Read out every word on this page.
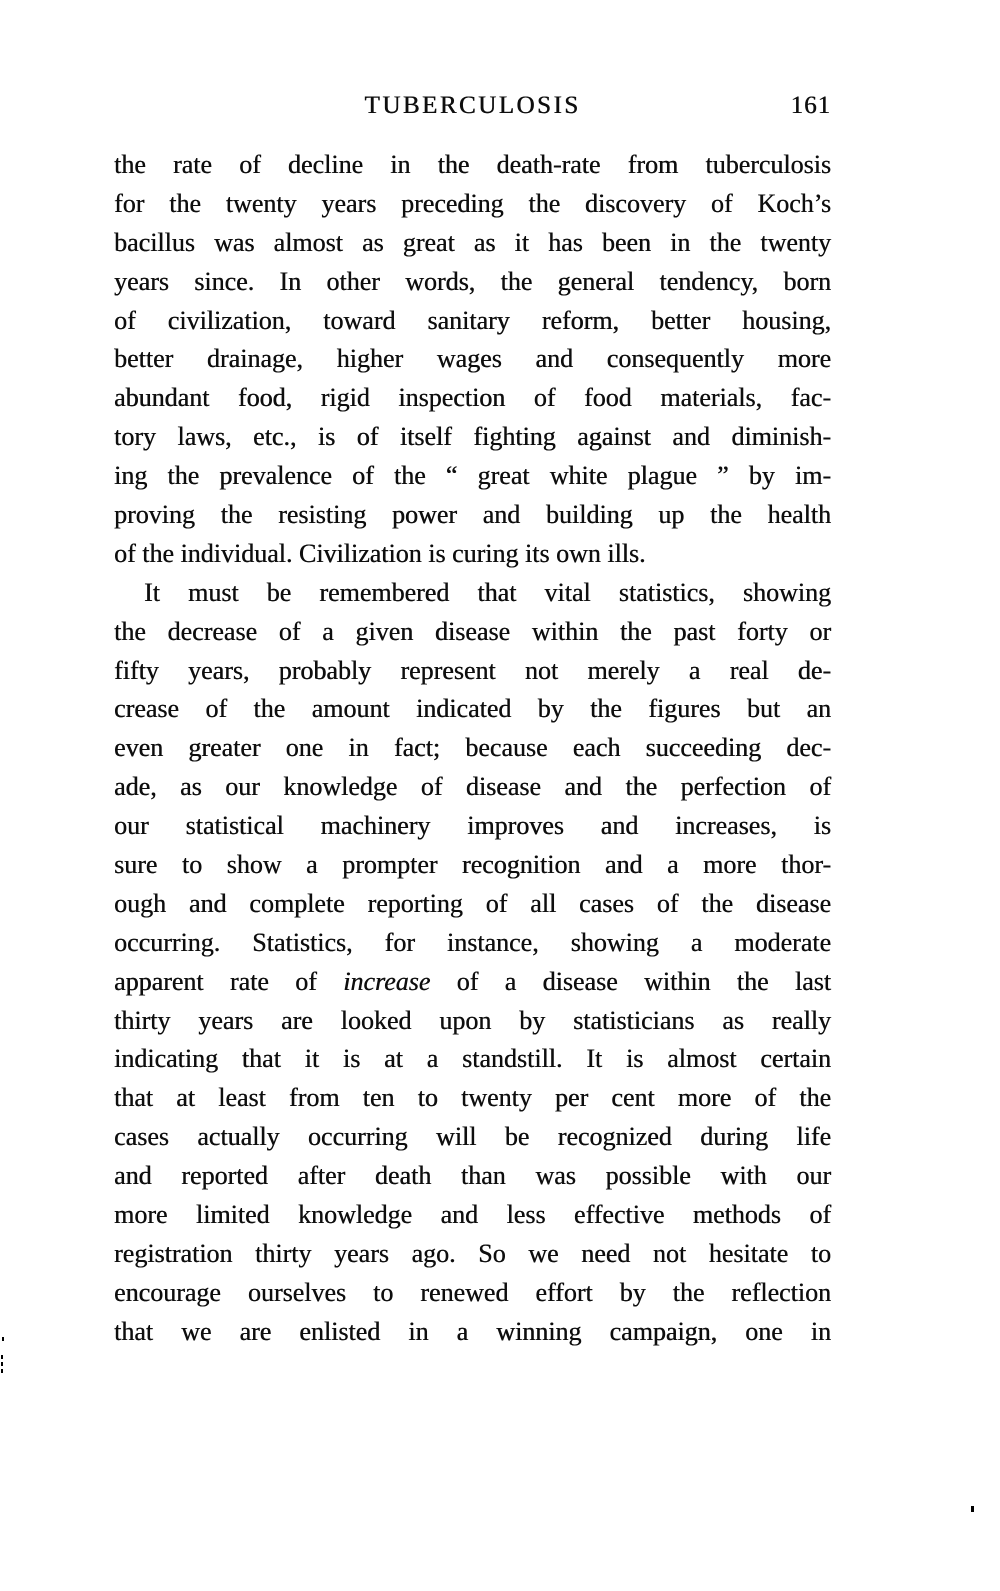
TUBERCULOSIS	161
the rate of decline in the death-rate from tuberculosis
for the twenty years preceding the discovery of Koch’s
bacillus was almost as great as it has been in the twenty
years since. In other words, the general tendency, born
of civilization, toward sanitary reform, better housing,
better drainage, higher wages and consequently more
abundant food, rigid inspection of food materials, fac-
tory laws, etc., is of itself fighting against and diminish-
ing the prevalence of the “ great white plague ” by im-
proving the resisting power and building up the health
of the individual. Civilization is curing its own ills.
It must be remembered that vital statistics, showing
the decrease of a given disease within the past forty or
fifty years, probably represent not merely a real de-
crease of the amount indicated by the figures but an
even greater one in fact; because each succeeding dec-
ade, as our knowledge of disease and the perfection of
our statistical machinery improves and increases, is
sure to show a prompter recognition and a more thor-
ough and complete reporting of all cases of the disease
occurring. Statistics, for instance, showing a moderate
apparent rate of increase of a disease within the last
thirty years are looked upon by statisticians as really
indicating that it is at a standstill. It is almost certain
that at least from ten to twenty per cent more of the
cases actually occurring will be recognized during life
and reported after death than was possible with our
more limited knowledge and less effective methods of
registration thirty years ago. So we need not hesitate to
encourage ourselves to renewed effort by the reflection
that we are enlisted in a winning campaign, one in
